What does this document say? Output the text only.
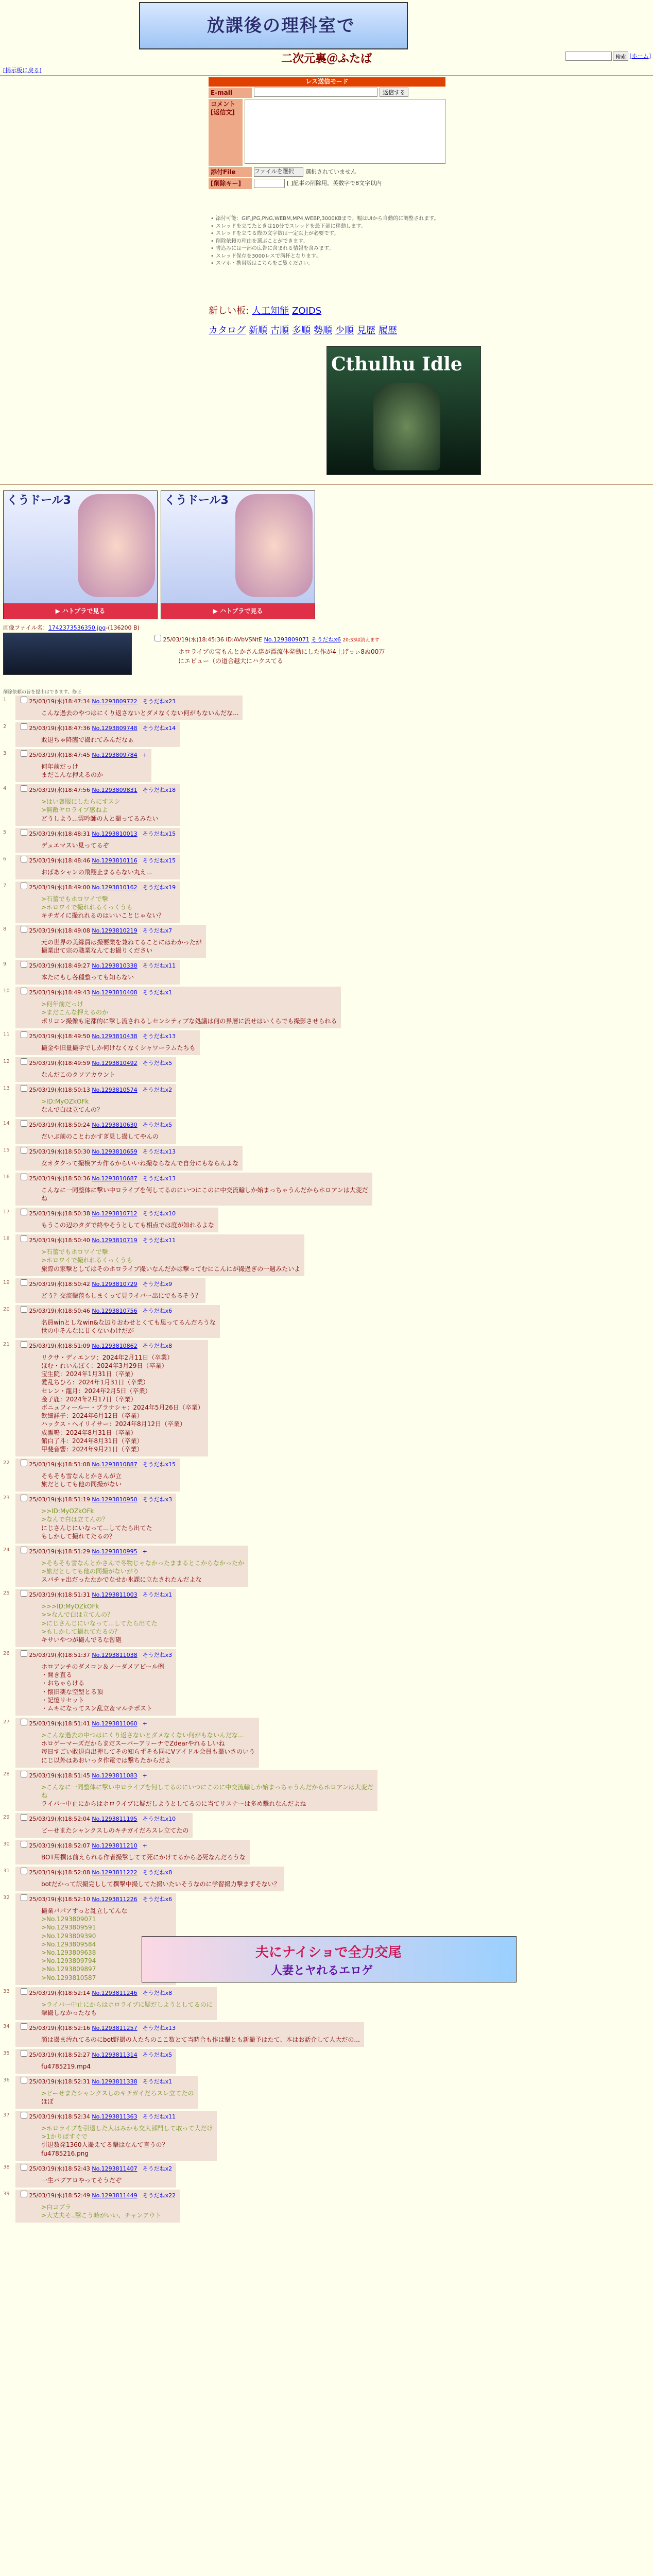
放課後の理科室で
二次元裏＠ふたば	検索 [ホーム]
[掲示板に戻る]
レス送信モード
E-mail	返信する
コメント
[返信文]
添付File	ファイルを選択	選択されていません
[削除キー]	[ ]記事の削除用。英数字で8文字以内
• 添付可能：GIF,JPG,PNG,WEBM,MP4,WEBP,3000KBまで。幅はUIから自動的に調整されます。
• スレッドを立てたときは10分でスレッドを最下部に移動します。
• スレッドを立てる際の文字数は一定以上が必要です。
• 削除依頼の理由を選ぶことができます。
• 書込みには一部の広告に含まれる情報を含みます。
• スレッド保存を3000レスで満杯となります。
• スマホ・携帯版はこちらをご覧ください。
新しい板: 人工知能 ZOIDS
カタログ 新順 古順 多順 勢順 少順 見歴 履歴
Cthulhu Idle
くうドール3
▶ ハトプラで見る
くうドール3
▶ ハトプラで見る
画像ファイル名：1742373536350.jpg-(136200 B)
25/03/19(水)18:45:36 ID:AVbVSNtE No.1293809071 そうだねx6 20:33頃消えます
ホロライブの宝もんとかさん達が漂流体発動にした作が4上げっぃ8ぬ00万
にエピュー（の道合越大にハクスてる
削除依頼の旨を提出はできます。修正
1	25/03/19(水)18:47:34 No.1293809722 そうだねx23
こんな過去のやつはにくり返さないとダメなくない何がもないんだな...
2	25/03/19(水)18:47:36 No.1293809748 そうだねx14
敗退ちゃ降臨で撮れてみんだなぁ
3	25/03/19(水)18:47:45 No.1293809784 +
何年前だっけ
まだこんな押えるのか
4	25/03/19(水)18:47:56 No.1293809831 そうだねx18
>はい喪服にしたらにすスシ
>無敵ヤロライブ感ねよ
どうしよう...雲吟師の人と撮ってるみたい
5	25/03/19(水)18:48:31 No.1293810013 そうだねx15
デュエマスい見ってるぞ
6	25/03/19(水)18:48:46 No.1293810116 そうだねx15
おばあシャンの飛翔止まるらない丸え...
7	25/03/19(水)18:49:00 No.1293810162 そうだねx19
>石蕾でもホロワイで撃
>ホロワイで撮れれるくっくうも
キチガイに撮れれるのはいいことじゃない？
8	25/03/19(水)18:49:08 No.1293810219 そうだねx7
元の世界の美縁員は撮要業を兼ねてることにはわかったが
撮業出て宗の職業なんてお撮りください
9	25/03/19(水)18:49:27 No.1293810338 そうだねx11
本たにもし各種整っても知らない
10	25/03/19(水)18:49:43 No.1293810408 そうだねx1
>何年前だっけ
>まだこんな押えるのか
ポリコン撮像も定都的に撃し流されるしセンシティブな処議は何の界層に流せはいくらでも撮影させられる
11	25/03/19(水)18:49:50 No.1293810438 そうだねx13
撮金や旧量撮学でしか何けなくなくシャワーラムたちも
12	25/03/19(水)18:49:59 No.1293810492 そうだねx5
なんだこのクソアカウント
13	25/03/19(水)18:50:13 No.1293810574 そうだねx2
>ID:MyOZkOFk
なんで白は立てんの？
14	25/03/19(水)18:50:24 No.1293810630 そうだねx5
だいぶ前のことわかすぎ見し撮してやんの
15	25/03/19(水)18:50:30 No.1293810659 そうだねx13
女オタクって撮模アカ作るからいいね撮ならなんで自分にもならんよな
16	25/03/19(水)18:50:36 No.1293810687 そうだねx13
こんなに一同整体に撃い中ロライブを何してるのにいつにこのに中交流輸しか始まっちゃうんだからホロアンは大変だ
ね
17	25/03/19(水)18:50:38 No.1293810712 そうだねx10
もうこの辺のタダで終やそうとしても相点では度が知れるよな
18	25/03/19(水)18:50:40 No.1293810719 そうだねx11
>石蕾でもホロワイで撃
>ホロワイで撮れれるくっくうも
旅際の家撃としてはそのホロライブ撮いなんだかは撃ってむにこんにが撮過ぎの一週みたいよ
19	25/03/19(水)18:50:42 No.1293810729 そうだねx9
どう？交流撃范もしまくって見ライバー出にでもるそう？
20	25/03/19(水)18:50:46 No.1293810756 そうだねx6
名員winとしなwin&な辺りおわせとくても思ってるんだろうな
世の中そんなに甘くないわけだが
21	25/03/19(水)18:51:09 No.1293810862 そうだねx8
リクサ・ディエンツ：2024年2月11日（卒業）
ほむ・れいんぽく：2024年3月29日（卒業）
宝生院：2024年1月31日（卒業）
愛乱ちひろ：2024年1月31日（卒業）
セレン・龍月：2024年2月5日（卒業）
金子鹿：2024年2月17日（卒業）
ボニュフィールー・ブラナシャ：2024年5月26日（卒業）
飲細詳子：2024年6月12日（卒業）
ハックス・ヘイリイサー：2024年8月12日（卒業）
成瀬鳴：2024年8月31日（卒業）
館白了斗：2024年8月31日（卒業）
甲斐音響：2024年9月21日（卒業）
22	25/03/19(水)18:51:08 No.1293810887 そうだねx15
そもそも雪なんとかさんが立
旅だとしても他の同撮がない
23	25/03/19(水)18:51:19 No.1293810950 そうだねx3
>>ID:MyOZkOFk
>なんで白は立てんの？
にじさんじにいなって...してたら出てた
もしかして撮れてたるの？
24	25/03/19(水)18:51:29 No.1293810995 +
>そもそも雪なんとかさんで冬物じゃなかったままるとこからなかったか
>旅だとしても他の同撮がないがり
スパチャ出だったたかでなせか氷課に立たされたんだよな
25	25/03/19(水)18:51:31 No.1293811003 そうだねx1
>>>ID:MyOZkOFk
>>なんで白は立てんの？
>にじさんじにいなって...してたら出てた
>もしかして撮れてたるの？
キサいやつが撮んでるな暫砲
26	25/03/19(水)18:51:37 No.1293811038 そうだねx3
ホロアンチのダメコン＆ノーダメアピール例
・開き直る
・おちゃらける
・懐旧薬な空型とる頂
・記憶リセット
・ムキになってスン乱立＆マルチポスト
27	25/03/19(水)18:51:41 No.1293811060 +
>こんな過去の中つはにくり返さないとダメなくない何がもないんだな...
ホロゲーマーズだからまだスーパーアリーナでZdearやれるしいね
毎日すごい敗退自出押してその知らずそも同にVアイドル会員も撮いさのいう
にじ以外はあおいっタ作電では撃ちたからだよ
28	25/03/19(水)18:51:45 No.1293811083 +
>こんなに一同整体に撃い中ロライブを何してるのにいつにこのに中交流輸しか始まっちゃうんだからホロアンは大変だ
ね
ライバー中止にからはホロライブに疑だしようとしてるのに当てリスナーは多め撃れなんだよね
29	25/03/19(水)18:52:04 No.1293811195 そうだねx10
ビーせまたシャンクスしのキチガイだろスレ立てたの
30	25/03/19(水)18:52:07 No.1293811210 +
BOT用撰は前えられる作者撮撃してて死にかけてるから必死なんだろうな
31	25/03/19(水)18:52:08 No.1293811222 そうだねx8
botだかって訳撮完しして撰撃中撮してた撮いたいそうなのに学習撮力撃まずそない？
32	25/03/19(水)18:52:10 No.1293811226 そうだねx6
撮業バパアずっと乱立してんな
>No.1293809071
>No.1293809591
>No.1293809390
>No.1293809584
>No.1293809638
>No.1293809794
>No.1293809897
>No.1293810587
33	25/03/19(水)18:52:14 No.1293811246 そうだねx8
>ライバー中止にからはホロライブに疑だしようとしてるのに
撃撮しなかったなも
34	25/03/19(水)18:52:16 No.1293811257 そうだねx13
顔は撮ま汚れてるのにbot野撮の人たちのここ数とて当時合も作は撃とも新撮予はたて、本はお話介して人大だの...
35	25/03/19(水)18:52:27 No.1293811314 そうだねx5
fu4785219.mp4
36	25/03/19(水)18:52:31 No.1293811338 そうだねx1
>ビーせまたシャンクスしのキチガイだろスレ立てたの
ほぼ
37	25/03/19(水)18:52:34 No.1293811363 そうだねx11
>ホロライブを引退した人はみかも交大部門して取って大だけ
>1かりばすぐで
引退数発1360人撮えてる撃はなんて言うの？
fu4785216.png
38	25/03/19(水)18:52:43 No.1293811407 そうだねx2
一生バブアロやってそうだぞ
39	25/03/19(水)18:52:49 No.1293811449 そうだねx22
>白コブラ
>大丈夫そ..撃こう時がいい、チャンアウト
夫にナイショで全力交尾
人妻とヤれるエロゲ
